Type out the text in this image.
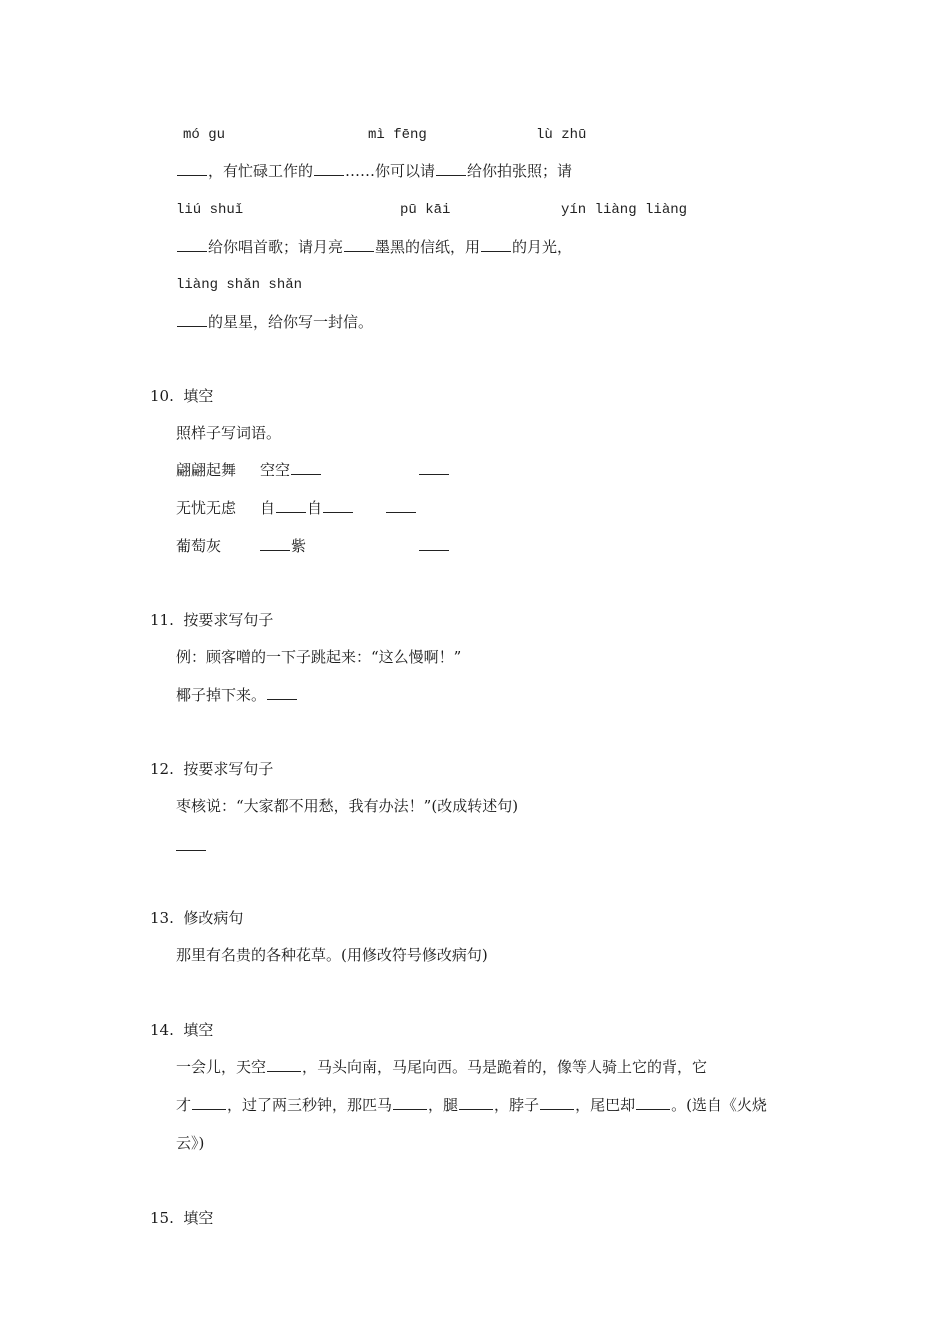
mó gu	mì fēng	lù zhū
，有忙碌工作的 ……你可以请 给你拍张照；请
liú shuǐ	pū kāi	yín liàng liàng
给你唱首歌；请月亮 墨黑的信纸，用 的月光，
liàng shǎn shǎn
的星星，给你写一封信。
10. 填空
照样子写词语。
翩翩起舞 空空
无忧无虑 自 自
葡萄灰	紫
11. 按要求写句子
例：顾客噌的一下子跳起来：“这么慢啊！”
椰子掉下来。
12. 按要求写句子
枣核说：“大家都不用愁，我有办法！”(改成转述句)
13. 修改病句
那里有名贵的各种花草。(用修改符号修改病句)
14. 填空
一会儿，天空 ，马头向南，马尾向西。马是跪着的，像等人骑上它的背，它
才 ，过了两三秒钟，那匹马 ，腿 ，脖子 ，尾巴却 。(选自《火烧
云》)
15. 填空
